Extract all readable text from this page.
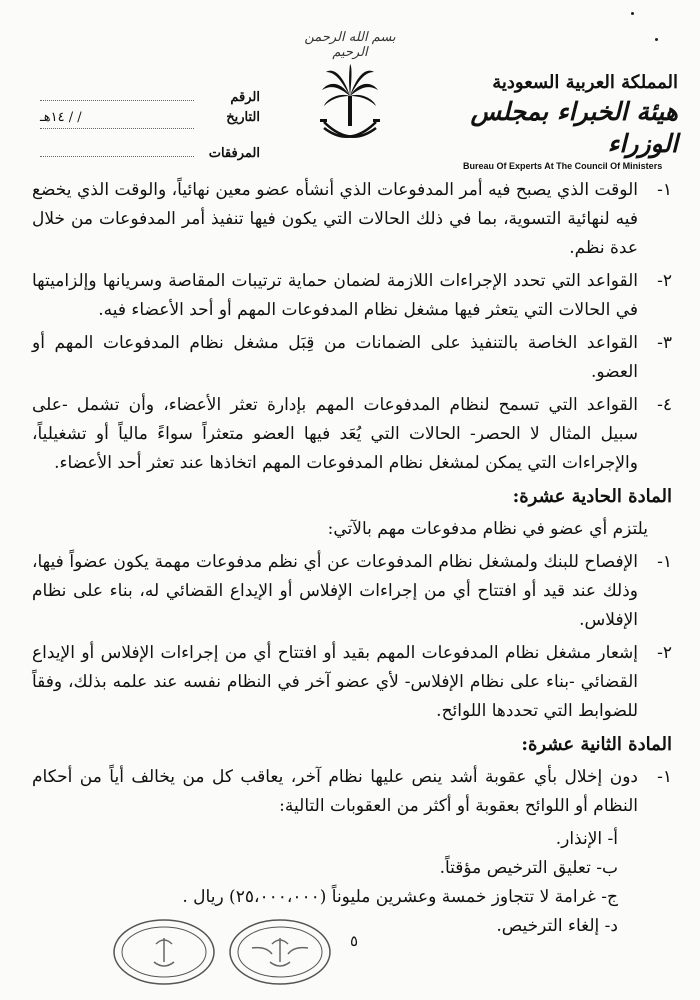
بسم الله الرحمن الرحيم
المملكة العربية السعودية
هيئة الخبراء بمجلس الوزراء
Bureau Of Experts At The Council Of Ministers
الرقم
التاريخ
/ / ١٤هـ
المرفقات
١-
الوقت الذي يصبح فيه أمر المدفوعات الذي أنشأه عضو معين نهائياً، والوقت الذي يخضع فيه لنهائية التسوية، بما في ذلك الحالات التي يكون فيها تنفيذ أمر المدفوعات من خلال عدة نظم.
٢-
القواعد التي تحدد الإجراءات اللازمة لضمان حماية ترتيبات المقاصة وسريانها وإلزاميتها في الحالات التي يتعثر فيها مشغل نظام المدفوعات المهم أو أحد الأعضاء فيه.
٣-
القواعد الخاصة بالتنفيذ على الضمانات من قِبَل مشغل نظام المدفوعات المهم أو العضو.
٤-
القواعد التي تسمح لنظام المدفوعات المهم بإدارة تعثر الأعضاء، وأن تشمل -على سبيل المثال لا الحصر- الحالات التي يُعَد فيها العضو متعثراً سواءً مالياً أو تشغيلياً، والإجراءات التي يمكن لمشغل نظام المدفوعات المهم اتخاذها عند تعثر أحد الأعضاء.
المادة الحادية عشرة:
يلتزم أي عضو في نظام مدفوعات مهم بالآتي:
١-
الإفصاح للبنك ولمشغل نظام المدفوعات عن أي نظم مدفوعات مهمة يكون عضواً فيها، وذلك عند قيد أو افتتاح أي من إجراءات الإفلاس أو الإيداع القضائي له، بناء على نظام الإفلاس.
٢-
إشعار مشغل نظام المدفوعات المهم بقيد أو افتتاح أي من إجراءات الإفلاس أو الإيداع القضائي -بناء على نظام الإفلاس- لأي عضو آخر في النظام نفسه عند علمه بذلك، وفقاً للضوابط التي تحددها اللوائح.
المادة الثانية عشرة:
١-
دون إخلال بأي عقوبة أشد ينص عليها نظام آخر، يعاقب كل من يخالف أياً من أحكام النظام أو اللوائح بعقوبة أو أكثر من العقوبات التالية:
أ- الإنذار.
ب- تعليق الترخيص مؤقتاً.
ج- غرامة لا تتجاوز خمسة وعشرين مليوناً (٢٥،٠٠٠،٠٠٠) ريال .
د- إلغاء الترخيص.
٥
